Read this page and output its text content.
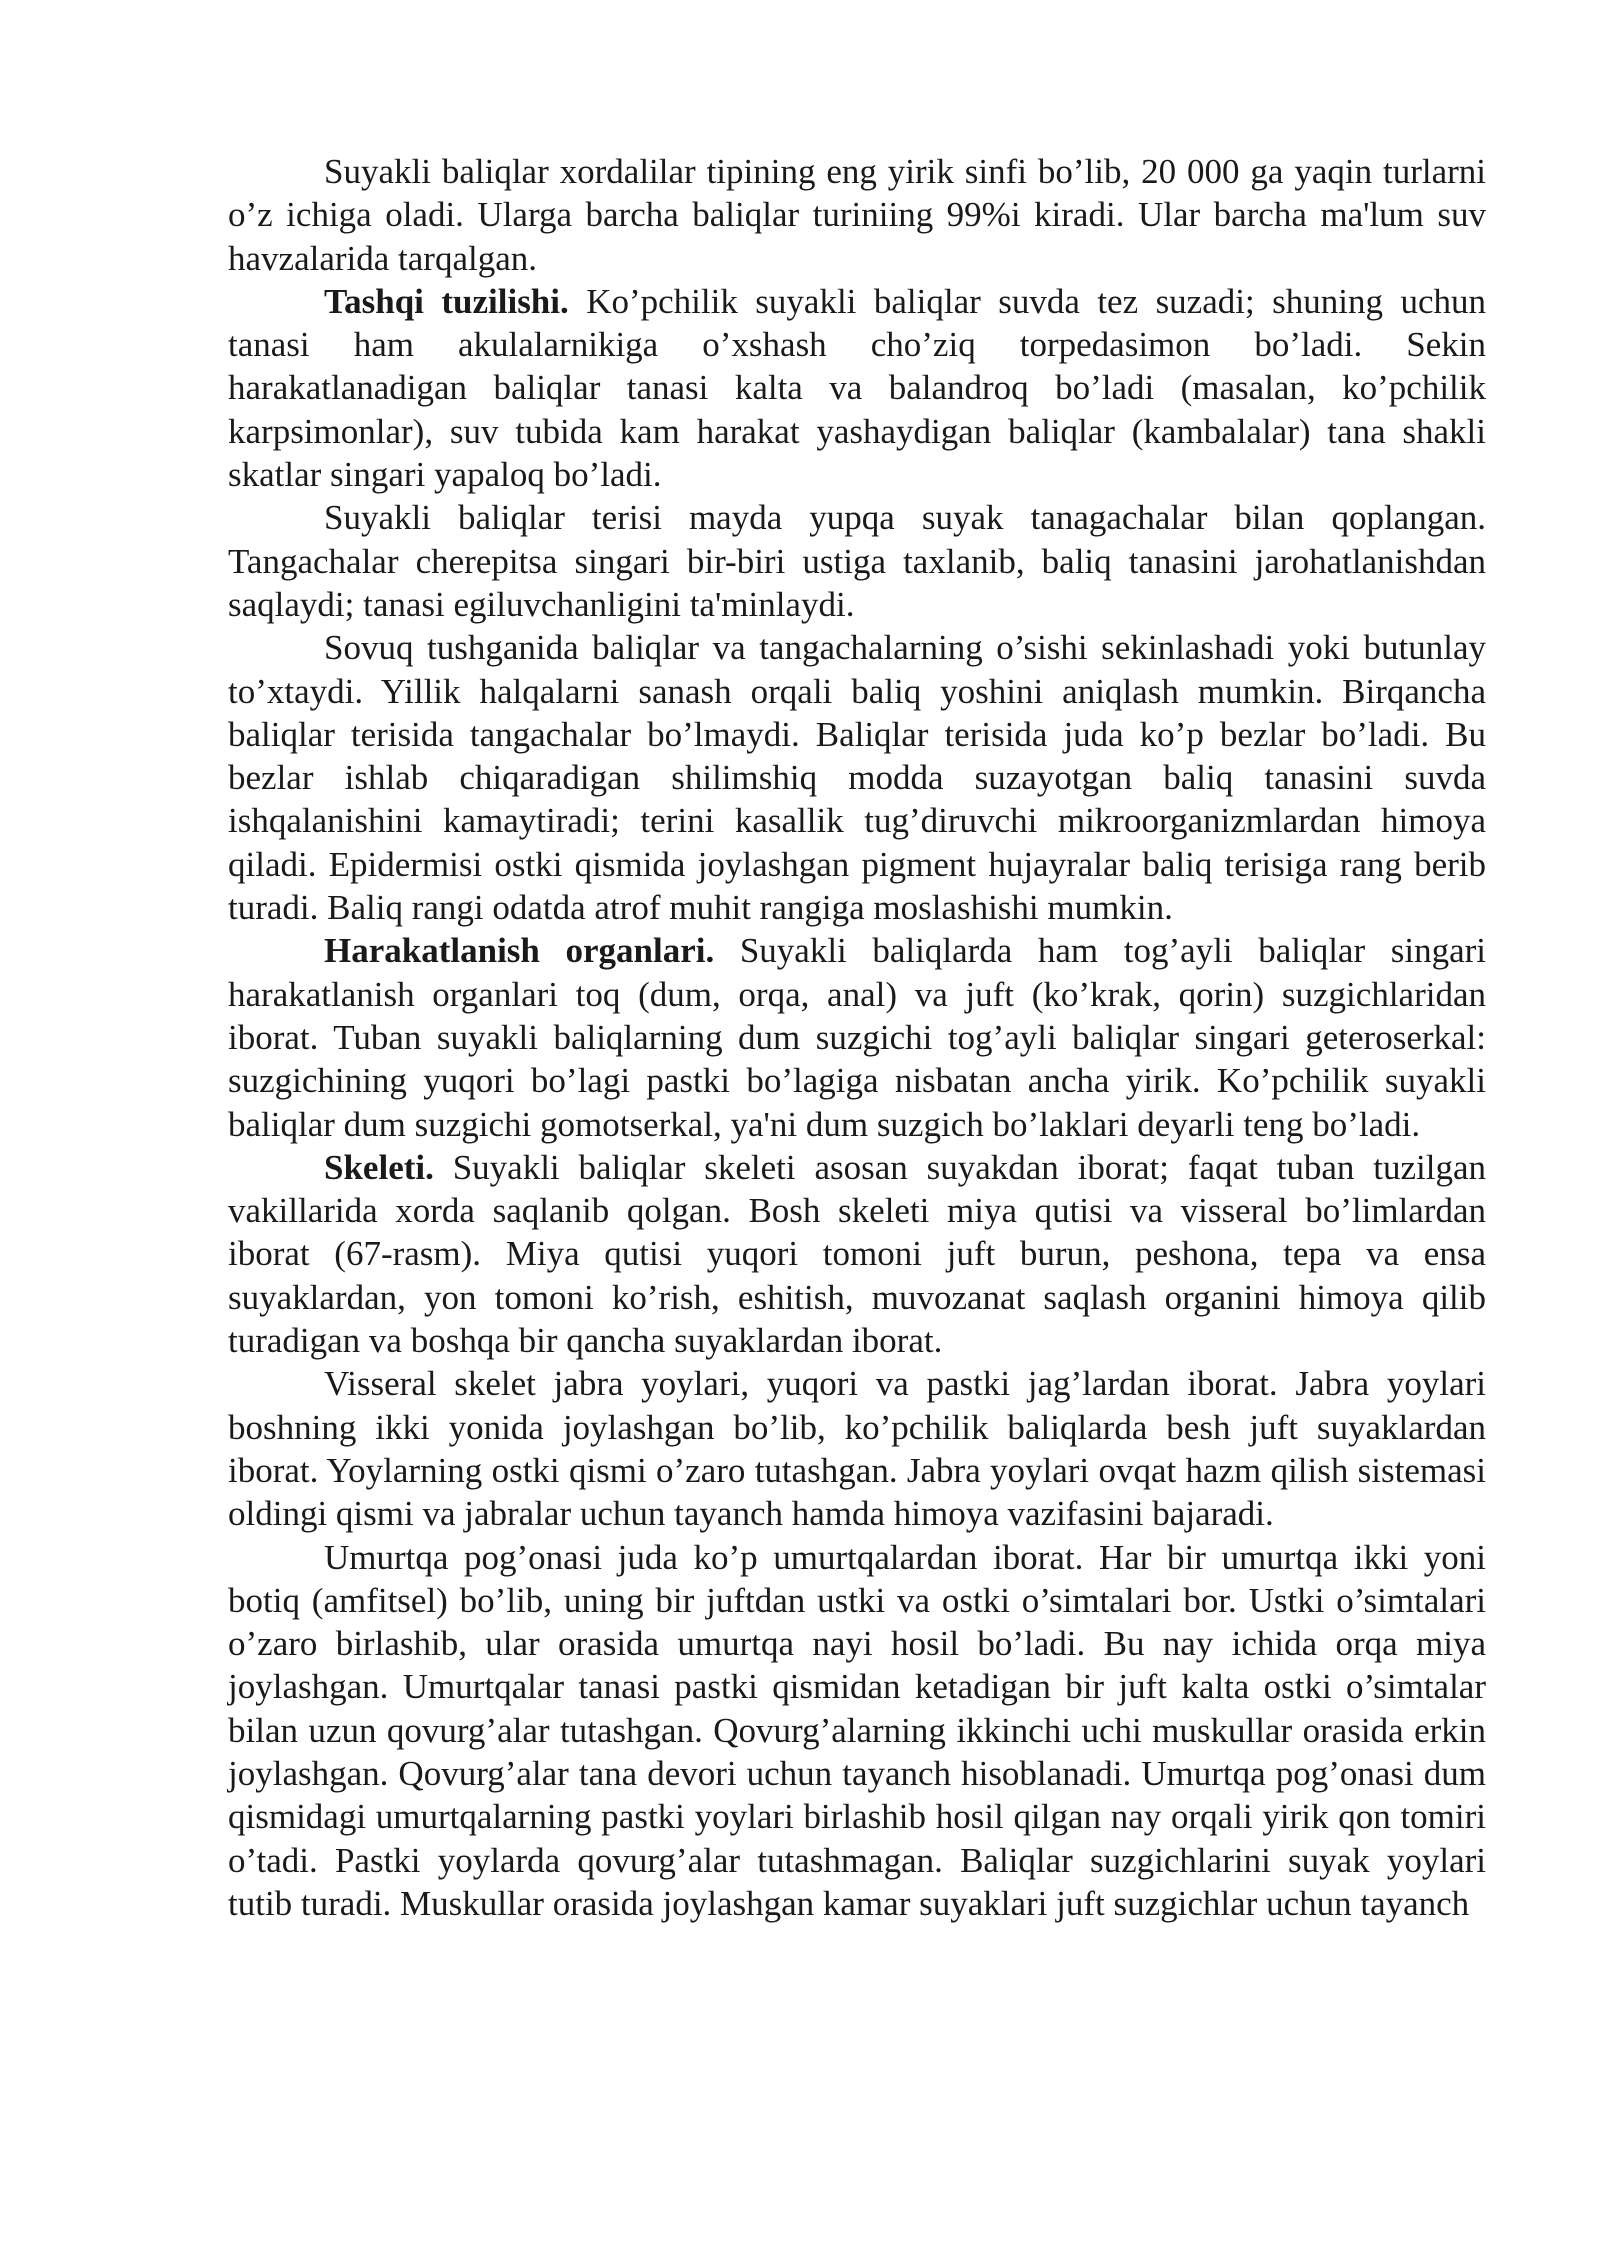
Suyakli baliqlar xordalilar tipining eng yirik sinfi bo’lib, 20 000 ga yaqin turlarni o’z ichiga oladi. Ularga barcha baliqlar turiniing 99%i kiradi. Ular barcha ma'lum suv havzalarida tarqalgan.

Tashqi tuzilishi. Ko’pchilik suyakli baliqlar suvda tez suzadi; shuning uchun tanasi ham akulalarnikiga o’xshash cho’ziq torpedasimon bo’ladi. Sekin harakatlanadigan baliqlar tanasi kalta va balandroq bo’ladi (masalan, ko’pchilik karpsimonlar), suv tubida kam harakat yashaydigan baliqlar (kambalalar) tana shakli skatlar singari yapaloq bo’ladi.

Suyakli baliqlar terisi mayda yupqa suyak tanagachalar bilan qoplangan. Tangachalar cherepitsa singari bir-biri ustiga taxlanib, baliq tanasini jarohatlanishdan saqlaydi; tanasi egiluvchanligini ta'minlaydi.

Sovuq tushganida baliqlar va tangachalarning o’sishi sekinlashadi yoki butunlay to’xtaydi. Yillik halqalarni sanash orqali baliq yoshini aniqlash mumkin. Birqancha baliqlar terisida tangachalar bo’lmaydi. Baliqlar terisida juda ko’p bezlar bo’ladi. Bu bezlar ishlab chiqaradigan shilimshiq modda suzayotgan baliq tanasini suvda ishqalanishini kamaytiradi; terini kasallik tug’diruvchi mikroorganizmlardan himoya qiladi. Epidermisi ostki qismida joylashgan pigment hujayralar baliq terisiga rang berib turadi. Baliq rangi odatda atrof muhit rangiga moslashishi mumkin.

Harakatlanish organlari. Suyakli baliqlarda ham tog’ayli baliqlar singari harakatlanish organlari toq (dum, orqa, anal) va juft (ko’krak, qorin) suzgichlaridan iborat. Tuban suyakli baliqlarning dum suzgichi tog’ayli baliqlar singari geteroserkal: suzgichining yuqori bo’lagi pastki bo’lagiga nisbatan ancha yirik. Ko’pchilik suyakli baliqlar dum suzgichi gomotserkal, ya'ni dum suzgich bo’laklari deyarli teng bo’ladi.

Skeleti. Suyakli baliqlar skeleti asosan suyakdan iborat; faqat tuban tuzilgan vakillarida xorda saqlanib qolgan. Bosh skeleti miya qutisi va visseral bo’limlardan iborat (67-rasm). Miya qutisi yuqori tomoni juft burun, peshona, tepa va ensa suyaklardan, yon tomoni ko’rish, eshitish, muvozanat saqlash organini himoya qilib turadigan va boshqa bir qancha suyaklardan iborat.

Visseral skelet jabra yoylari, yuqori va pastki jag’lardan iborat. Jabra yoylari boshning ikki yonida joylashgan bo’lib, ko’pchilik baliqlarda besh juft suyaklardan iborat. Yoylarning ostki qismi o’zaro tutashgan. Jabra yoylari ovqat hazm qilish sistemasi oldingi qismi va jabralar uchun tayanch hamda himoya vazifasini bajaradi.

Umurtqa pog’onasi juda ko’p umurtqalardan iborat. Har bir umurtqa ikki yoni botiq (amfitsel) bo’lib, uning bir juftdan ustki va ostki o’simtalari bor. Ustki o’simtalari o’zaro birlashib, ular orasida umurtqa nayi hosil bo’ladi. Bu nay ichida orqa miya joylashgan. Umurtqalar tanasi pastki qismidan ketadigan bir juft kalta ostki o’simtalar bilan uzun qovurg’alar tutashgan. Qovurg’alarning ikkinchi uchi muskullar orasida erkin joylashgan. Qovurg’alar tana devori uchun tayanch hisoblanadi. Umurtqa pog’onasi dum qismidagi umurtqalarning pastki yoylari birlashib hosil qilgan nay orqali yirik qon tomiri o’tadi. Pastki yoylarda qovurg’alar tutashmagan. Baliqlar suzgichlarini suyak yoylari tutib turadi. Muskullar orasida joylashgan kamar suyaklari juft suzgichlar uchun tayanch
